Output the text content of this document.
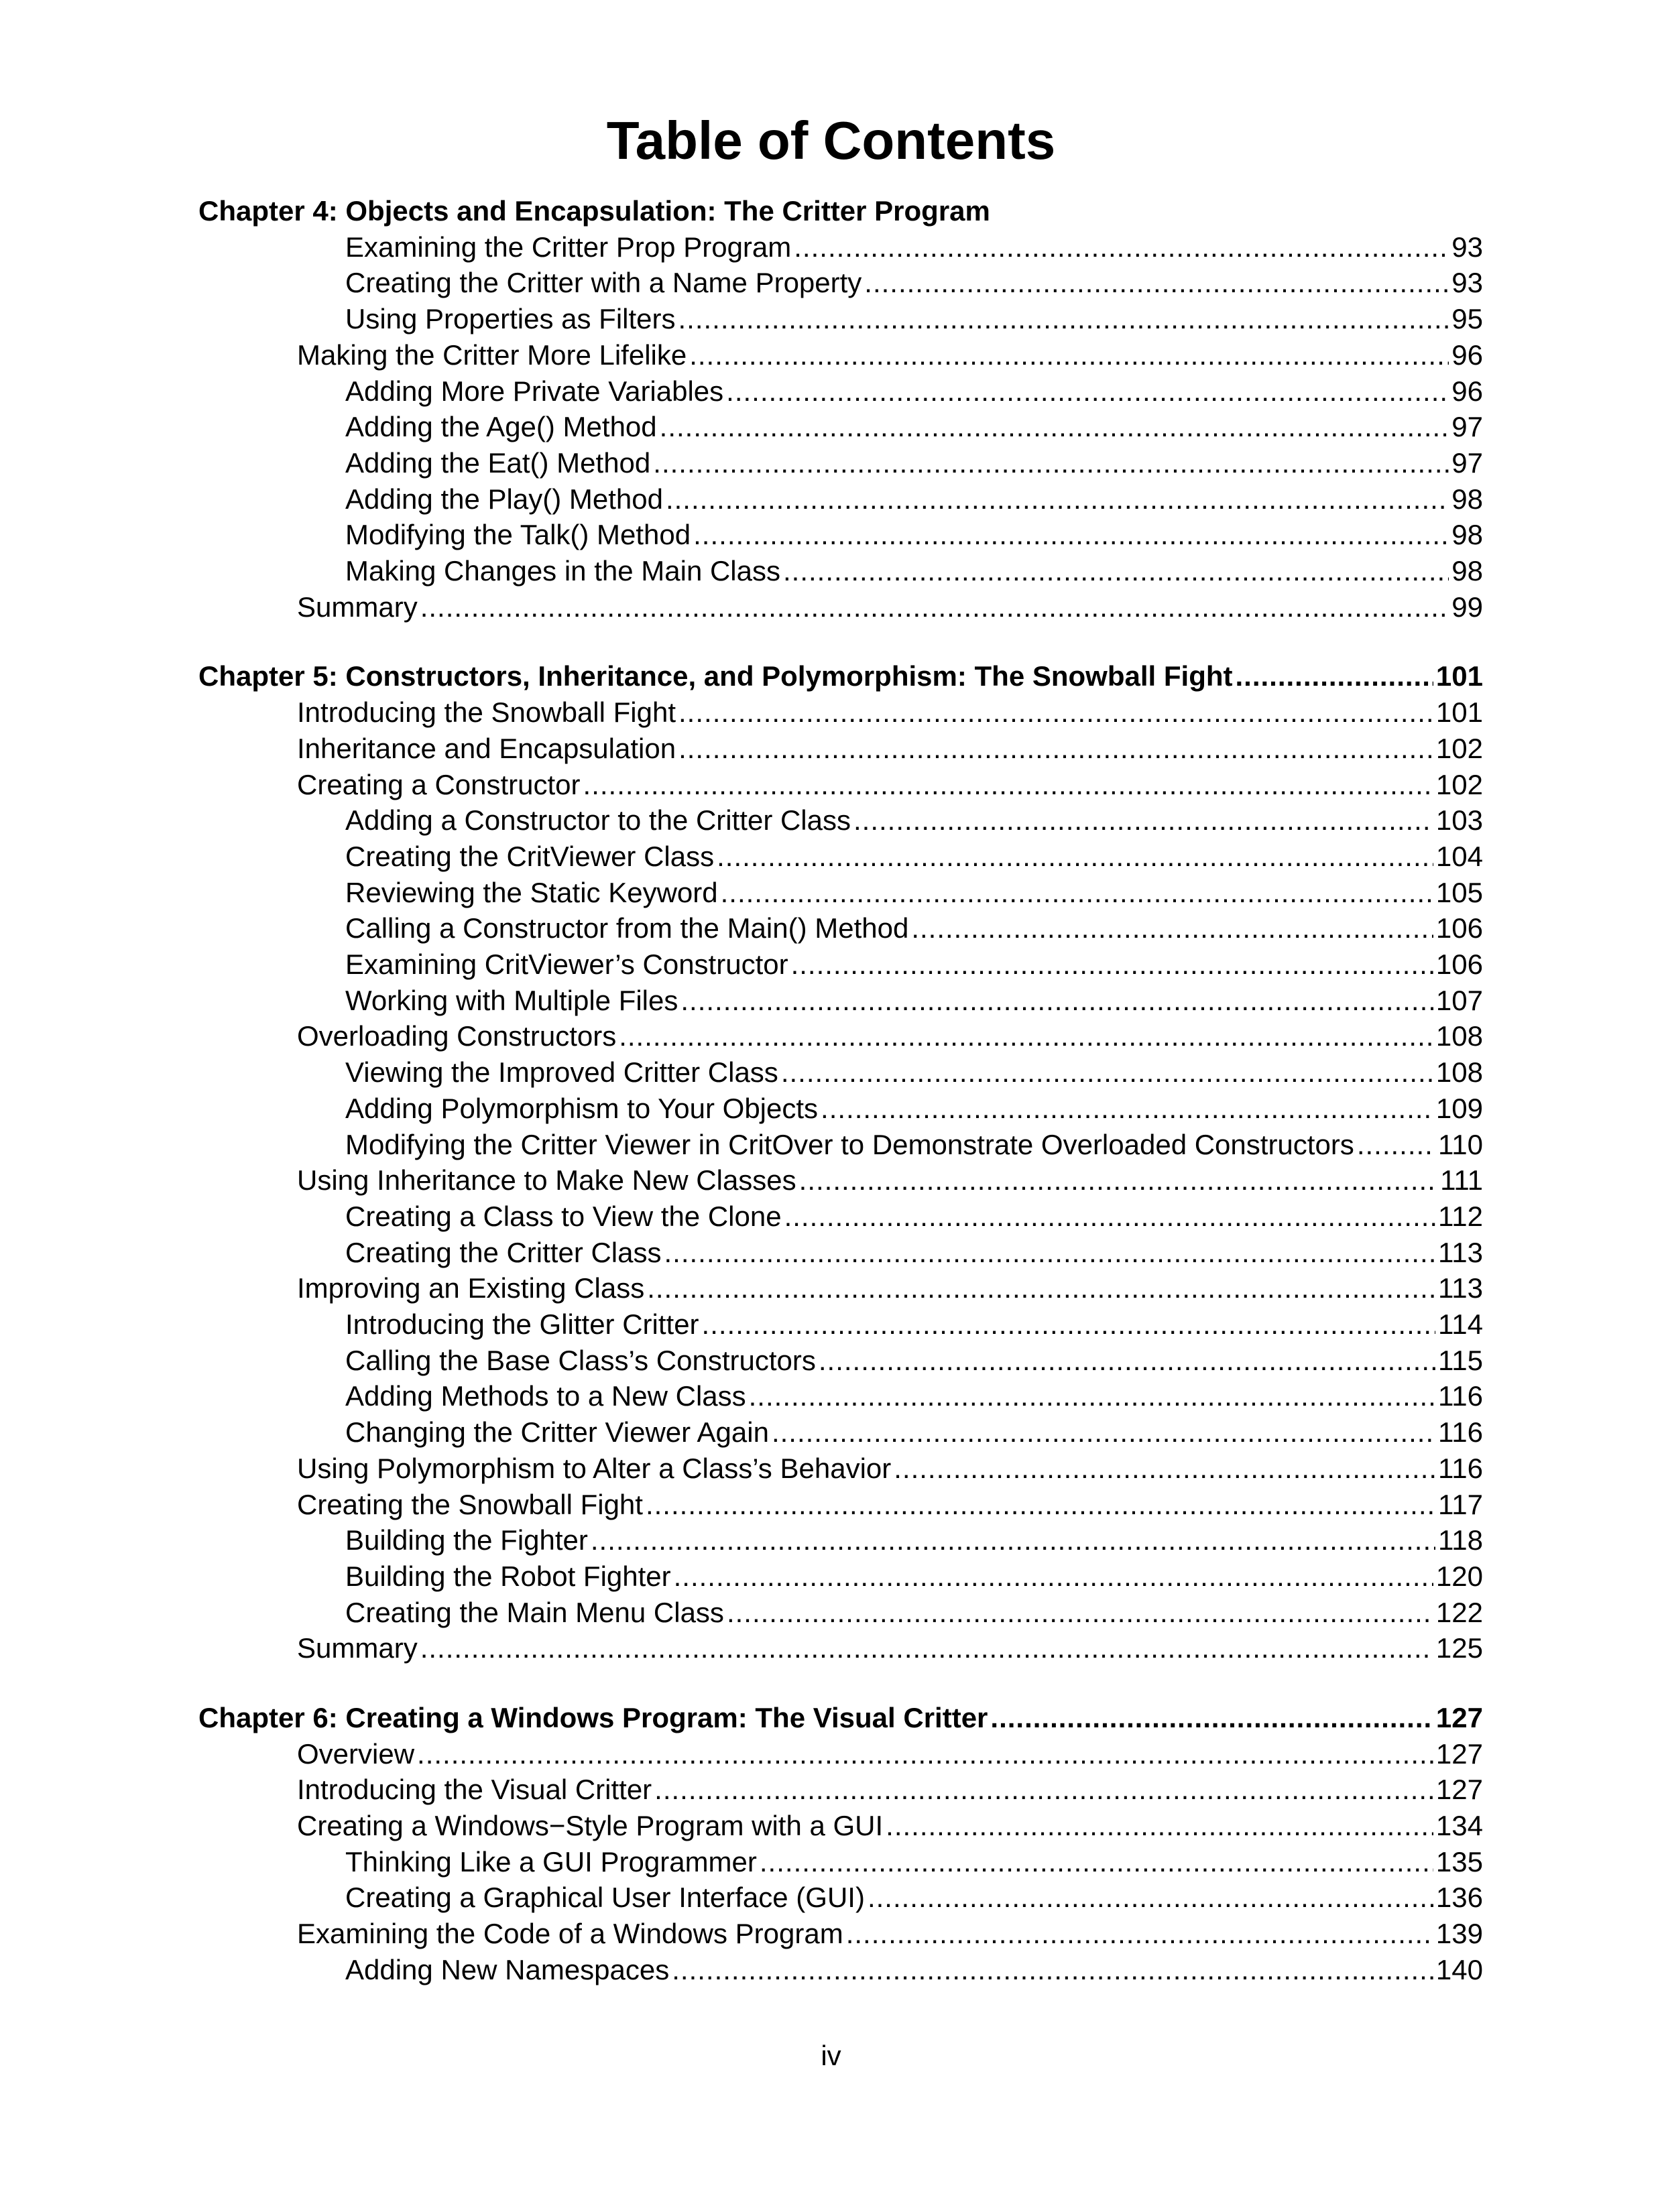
Table of Contents
Chapter 4: Objects and Encapsulation: The Critter Program
Examining the Critter Prop Program .....	93
Creating the Critter with a Name Property .....	93
Using Properties as Filters .....	95
Making the Critter More Lifelike .....	96
Adding More Private Variables .....	96
Adding the Age() Method .....	97
Adding the Eat() Method .....	97
Adding the Play() Method .....	98
Modifying the Talk() Method .....	98
Making Changes in the Main Class .....	98
Summary .....	99
Chapter 5: Constructors, Inheritance, and Polymorphism: The Snowball Fight .....	101
Introducing the Snowball Fight .....	101
Inheritance and Encapsulation .....	102
Creating a Constructor .....	102
Adding a Constructor to the Critter Class .....	103
Creating the CritViewer Class .....	104
Reviewing the Static Keyword .....	105
Calling a Constructor from the Main() Method .....	106
Examining CritViewer’s Constructor .....	106
Working with Multiple Files .....	107
Overloading Constructors .....	108
Viewing the Improved Critter Class .....	108
Adding Polymorphism to Your Objects .....	109
Modifying the Critter Viewer in CritOver to Demonstrate Overloaded Constructors .....	110
Using Inheritance to Make New Classes .....	111
Creating a Class to View the Clone .....	112
Creating the Critter Class .....	113
Improving an Existing Class .....	113
Introducing the Glitter Critter .....	114
Calling the Base Class’s Constructors .....	115
Adding Methods to a New Class .....	116
Changing the Critter Viewer Again .....	116
Using Polymorphism to Alter a Class’s Behavior .....	116
Creating the Snowball Fight .....	117
Building the Fighter .....	118
Building the Robot Fighter .....	120
Creating the Main Menu Class .....	122
Summary .....	125
Chapter 6: Creating a Windows Program: The Visual Critter .....	127
Overview .....	127
Introducing the Visual Critter .....	127
Creating a Windows−Style Program with a GUI .....	134
Thinking Like a GUI Programmer .....	135
Creating a Graphical User Interface (GUI) .....	136
Examining the Code of a Windows Program .....	139
Adding New Namespaces .....	140
iv
